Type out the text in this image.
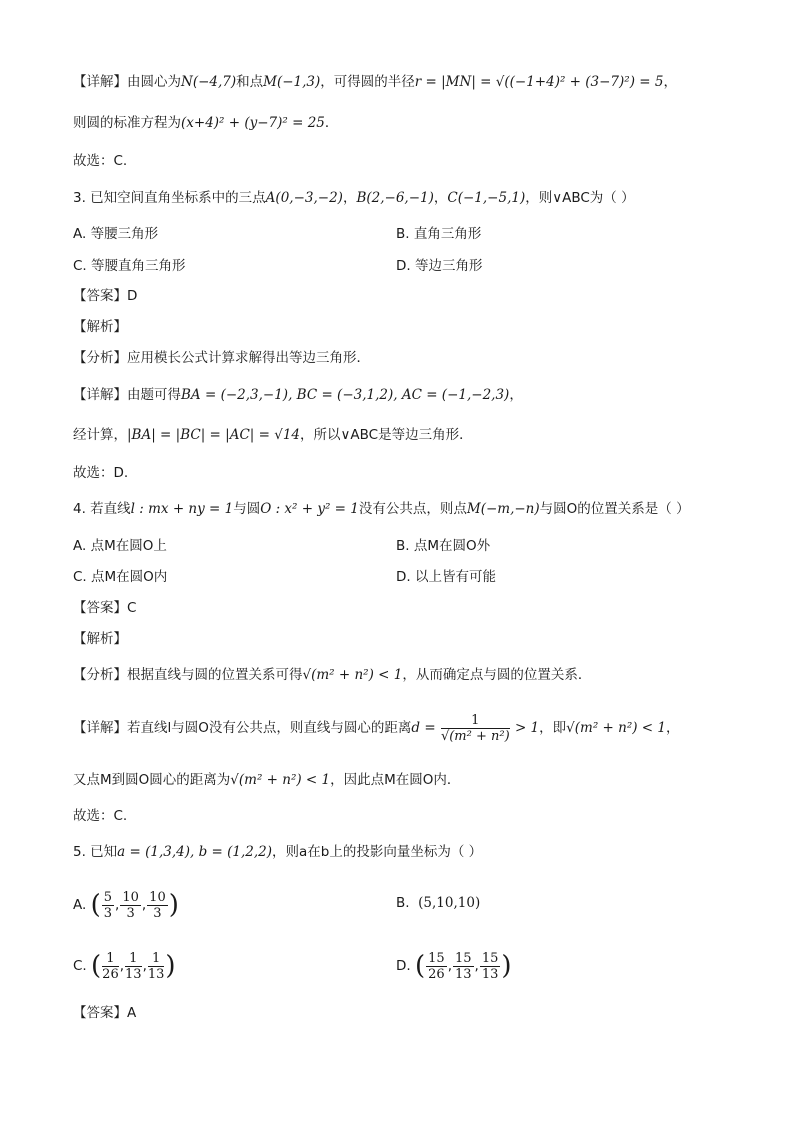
【详解】由圆心为N(−4,7)和点M(−1,3)，可得圆的半径r = |MN| = √((−1+4)² + (3−7)²) = 5，
则圆的标准方程为(x+4)² + (y−7)² = 25．
故选：C.
3. 已知空间直角坐标系中的三点A(0,−3,−2)，B(2,−6,−1)，C(−1,−5,1)，则∨ABC为（ ）
A. 等腰三角形	B. 直角三角形
C. 等腰直角三角形	D. 等边三角形
【答案】D
【解析】
【分析】应用模长公式计算求解得出等边三角形．
【详解】由题可得BA = (−2,3,−1), BC = (−3,1,2), AC = (−1,−2,3)，
经计算，|BA| = |BC| = |AC| = √14，所以∨ABC是等边三角形．
故选：D.
4. 若直线l : mx + ny = 1与圆O : x² + y² = 1没有公共点，则点M(−m,−n)与圆O的位置关系是（ ）
A. 点M在圆O上	B. 点M在圆O外
C. 点M在圆O内	D. 以上皆有可能
【答案】C
【解析】
【分析】根据直线与圆的位置关系可得√(m² + n²) < 1，从而确定点与圆的位置关系．
【详解】若直线l与圆O没有公共点，则直线与圆心的距离$d = \frac{1}{\text{√(m² + n²)}} > 1$，即√(m² + n²) < 1，
又点M到圆O圆心的距离为√(m² + n²) < 1，因此点M在圆O内．
故选：C.
5. 已知a = (1,3,4), b = (1,2,2)，则a在b上的投影向量坐标为（ ）
A. ( $\frac{5}{3}$ , $\frac{10}{3}$ , $\frac{10}{3}$ )	B. (5,10,10)
C. ( $\frac{1}{26}$ , $\frac{1}{13}$ , $\frac{1}{13}$ )	D. ( $\frac{15}{26}$ , $\frac{15}{13}$ , $\frac{15}{13}$ )
【答案】A
